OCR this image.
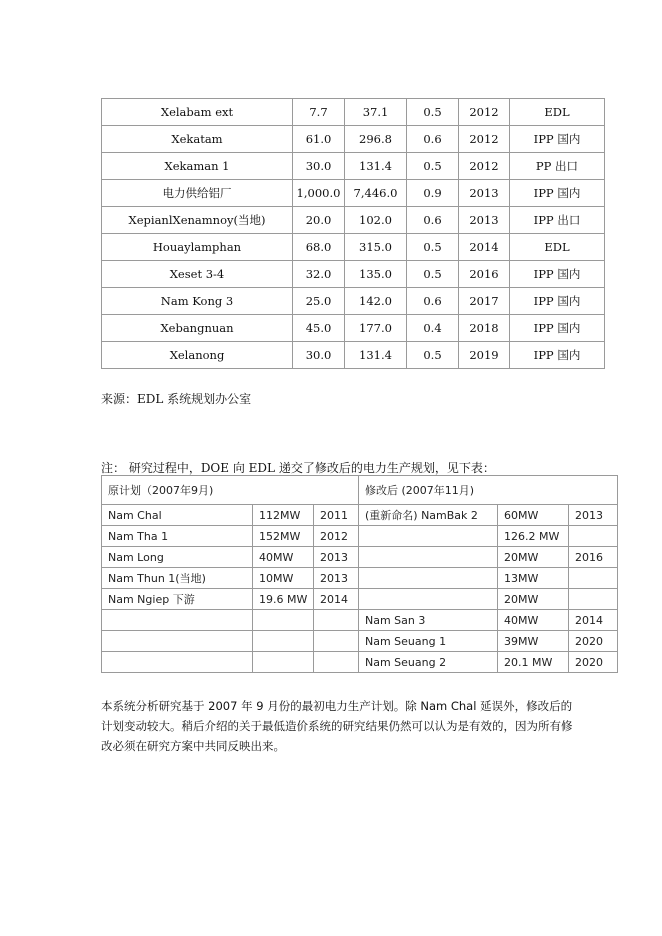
Xelabam ext	7.7	37.1	0.5	2012	EDL
Xekatam	61.0	296.8	0.6	2012	IPP 国内
Xekaman 1	30.0	131.4	0.5	2012	PP 出口
电力供给铝厂	1,000.0	7,446.0	0.9	2013	IPP 国内
XepianlXenamnoy(当地)	20.0	102.0	0.6	2013	IPP 出口
Houaylamphan	68.0	315.0	0.5	2014	EDL
Xeset 3-4	32.0	135.0	0.5	2016	IPP 国内
Nam Kong 3	25.0	142.0	0.6	2017	IPP 国内
Xebangnuan	45.0	177.0	0.4	2018	IPP 国内
Xelanong	30.0	131.4	0.5	2019	IPP 国内
来源：EDL 系统规划办公室
注： 研究过程中，DOE 向 EDL 递交了修改后的电力生产规划，见下表：
原计划（2007年9月)			修改后 (2007年11月)		
Nam Chal	112MW	2011	(重新命名) NamBak 2	60MW	2013
Nam Tha 1	152MW	2012		126.2 MW	
Nam Long	40MW	2013		20MW	2016
Nam Thun 1(当地)	10MW	2013		13MW	
Nam Ngiep 下游	19.6 MW	2014		20MW	
			Nam San 3	40MW	2014
			Nam Seuang 1	39MW	2020
			Nam Seuang 2	20.1 MW	2020
本系统分析研究基于 2007 年 9 月份的最初电力生产计划。除 Nam Chal 延误外，修改后的计划变动较大。稍后介绍的关于最低造价系统的研究结果仍然可以认为是有效的，因为所有修改必须在研究方案中共同反映出来。
